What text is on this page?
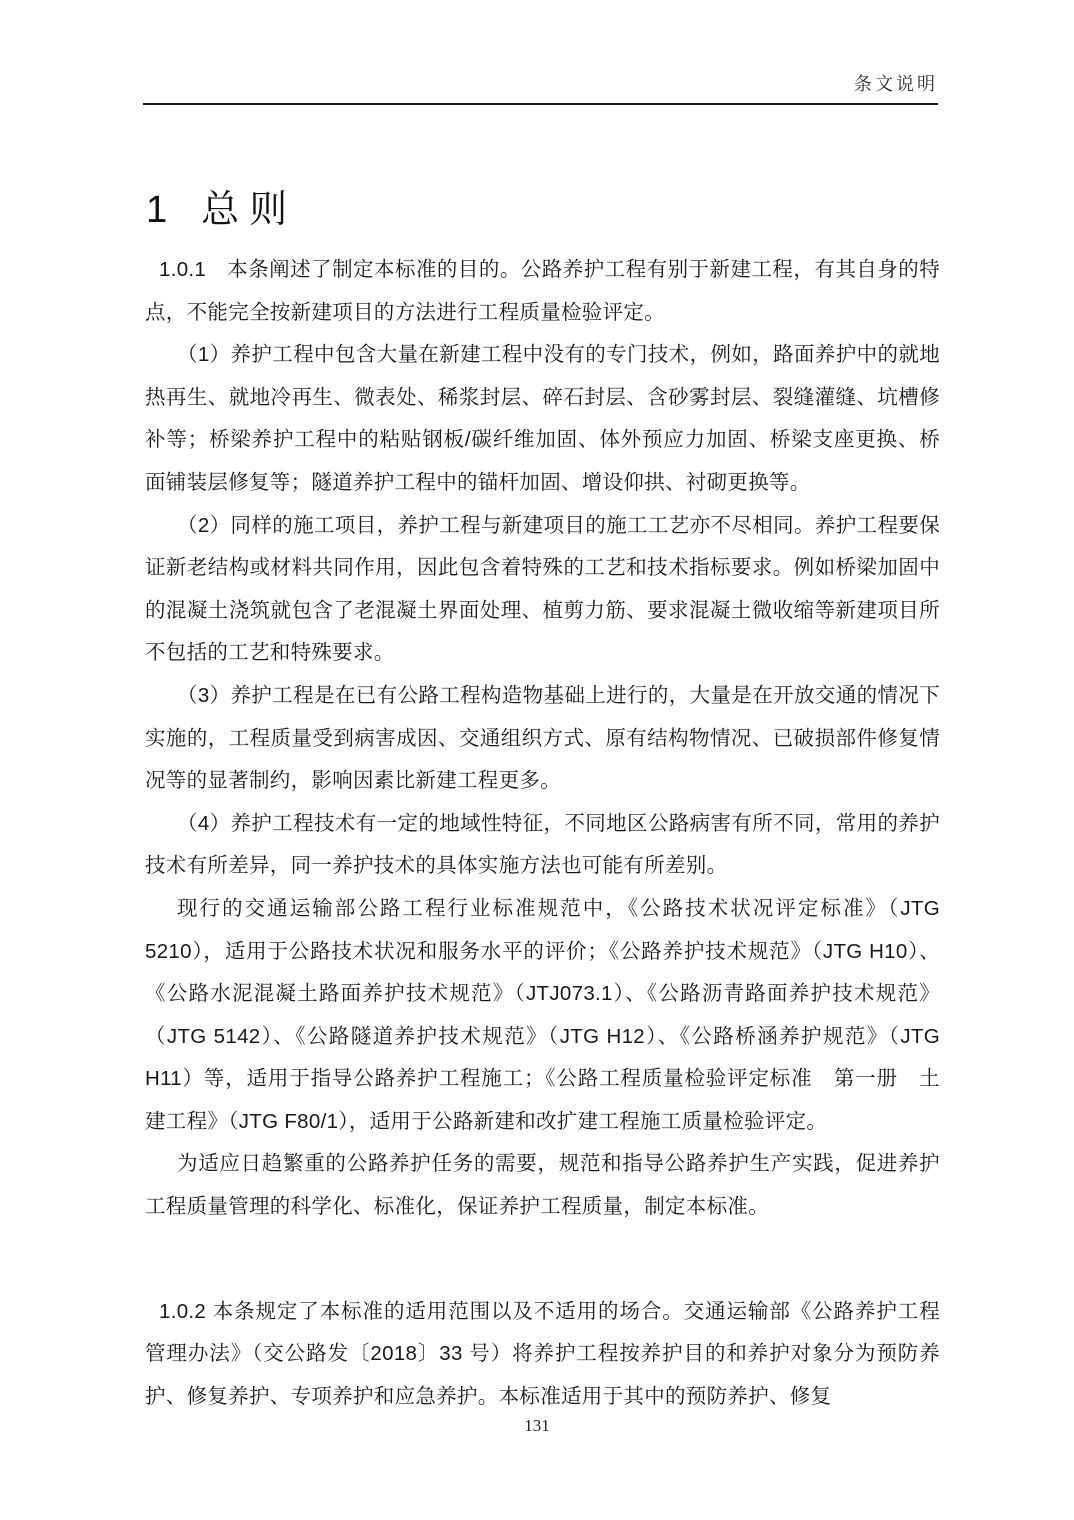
条文说明
1 总则

1.0.1　本条阐述了制定本标准的目的。公路养护工程有别于新建工程，有其自身的特点，不能完全按新建项目的方法进行工程质量检验评定。

（1）养护工程中包含大量在新建工程中没有的专门技术，例如，路面养护中的就地热再生、就地冷再生、微表处、稀浆封层、碎石封层、含砂雾封层、裂缝灌缝、坑槽修补等；桥梁养护工程中的粘贴钢板/碳纤维加固、体外预应力加固、桥梁支座更换、桥面铺装层修复等；隧道养护工程中的锚杆加固、增设仰拱、衬砌更换等。

（2）同样的施工项目，养护工程与新建项目的施工工艺亦不尽相同。养护工程要保证新老结构或材料共同作用，因此包含着特殊的工艺和技术指标要求。例如桥梁加固中的混凝土浇筑就包含了老混凝土界面处理、植剪力筋、要求混凝土微收缩等新建项目所不包括的工艺和特殊要求。

（3）养护工程是在已有公路工程构造物基础上进行的，大量是在开放交通的情况下实施的，工程质量受到病害成因、交通组织方式、原有结构物情况、已破损部件修复情况等的显著制约，影响因素比新建工程更多。

（4）养护工程技术有一定的地域性特征，不同地区公路病害有所不同，常用的养护技术有所差异，同一养护技术的具体实施方法也可能有所差别。

现行的交通运输部公路工程行业标准规范中，《公路技术状况评定标准》（JTG 5210），适用于公路技术状况和服务水平的评价；《公路养护技术规范》（JTG H10）、《公路水泥混凝土路面养护技术规范》（JTJ073.1）、《公路沥青路面养护技术规范》（JTG 5142）、《公路隧道养护技术规范》（JTG H12）、《公路桥涵养护规范》（JTG H11）等，适用于指导公路养护工程施工；《公路工程质量检验评定标准　第一册　土建工程》（JTG F80/1），适用于公路新建和改扩建工程施工质量检验评定。

为适应日趋繁重的公路养护任务的需要，规范和指导公路养护生产实践，促进养护工程质量管理的科学化、标准化，保证养护工程质量，制定本标准。

1.0.2 本条规定了本标准的适用范围以及不适用的场合。交通运输部《公路养护工程管理办法》（交公路发〔2018〕33 号）将养护工程按养护目的和养护对象分为预防养护、修复养护、专项养护和应急养护。本标准适用于其中的预防养护、修复

131
